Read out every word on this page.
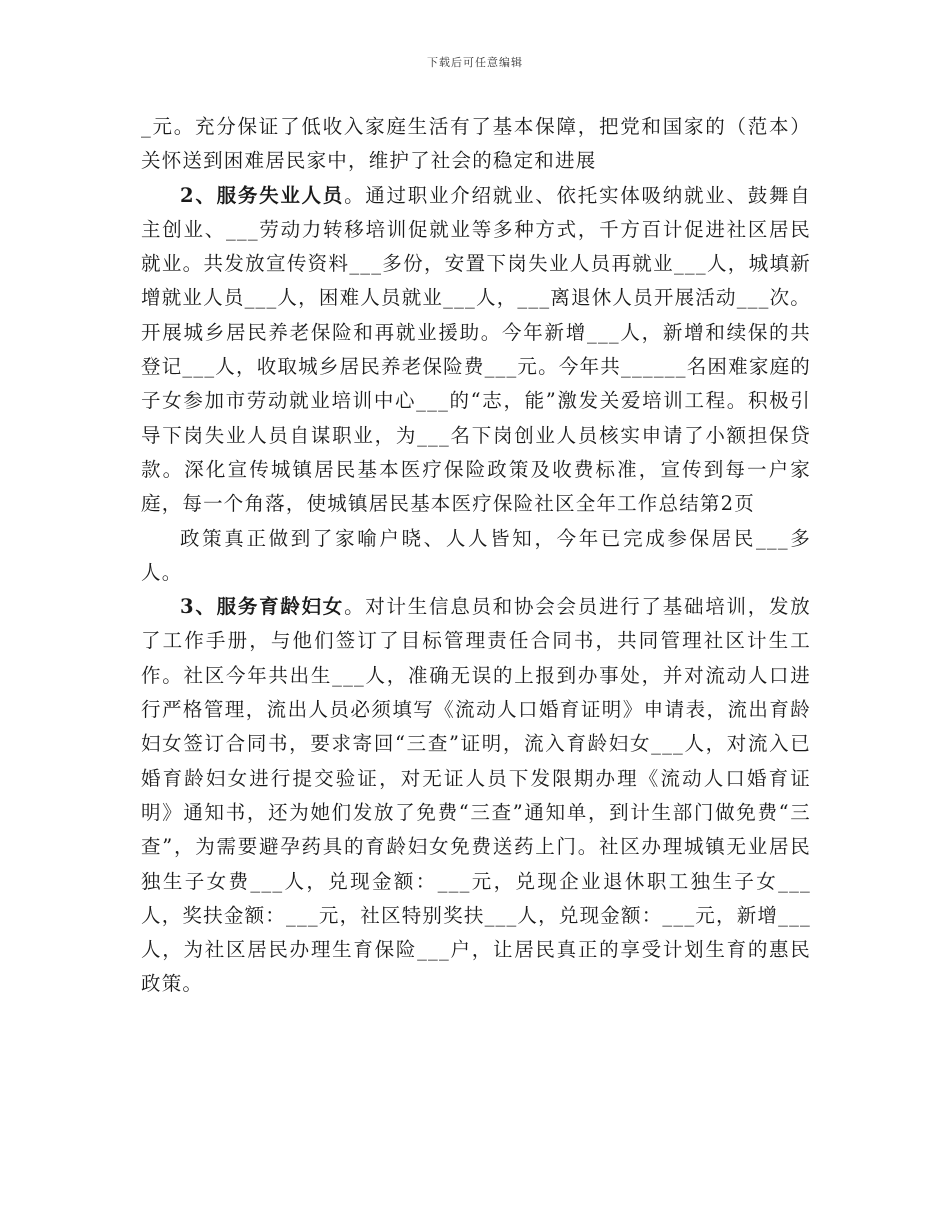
下载后可任意编辑

_元。充分保证了低收入家庭生活有了基本保障，把党和国家的（范本）关怀送到困难居民家中，维护了社会的稳定和进展

2、服务失业人员。通过职业介绍就业、依托实体吸纳就业、鼓舞自主创业、___劳动力转移培训促就业等多种方式，千方百计促进社区居民就业。共发放宣传资料___多份，安置下岗失业人员再就业___人，城填新增就业人员___人，困难人员就业___人，___离退休人员开展活动___次。开展城乡居民养老保险和再就业援助。今年新增___人，新增和续保的共登记___人，收取城乡居民养老保险费___元。今年共______名困难家庭的子女参加市劳动就业培训中心___的“志，能”激发关爱培训工程。积极引导下岗失业人员自谋职业，为___名下岗创业人员核实申请了小额担保贷款。深化宣传城镇居民基本医疗保险政策及收费标准，宣传到每一户家庭，每一个角落，使城镇居民基本医疗保险社区全年工作总结第2页

政策真正做到了家喻户晓、人人皆知，今年已完成参保居民___多人。

3、服务育龄妇女。对计生信息员和协会会员进行了基础培训，发放了工作手册，与他们签订了目标管理责任合同书，共同管理社区计生工作。社区今年共出生___人，准确无误的上报到办事处，并对流动人口进行严格管理，流出人员必须填写《流动人口婚育证明》申请表，流出育龄妇女签订合同书，要求寄回“三查”证明，流入育龄妇女___人，对流入已婚育龄妇女进行提交验证，对无证人员下发限期办理《流动人口婚育证明》通知书，还为她们发放了免费“三查”通知单，到计生部门做免费“三查”，为需要避孕药具的育龄妇女免费送药上门。社区办理城镇无业居民独生子女费___人，兑现金额：___元，兑现企业退休职工独生子女___人，奖扶金额：___元，社区特别奖扶___人，兑现金额：___元，新增___人，为社区居民办理生育保险___户，让居民真正的享受计划生育的惠民政策。
